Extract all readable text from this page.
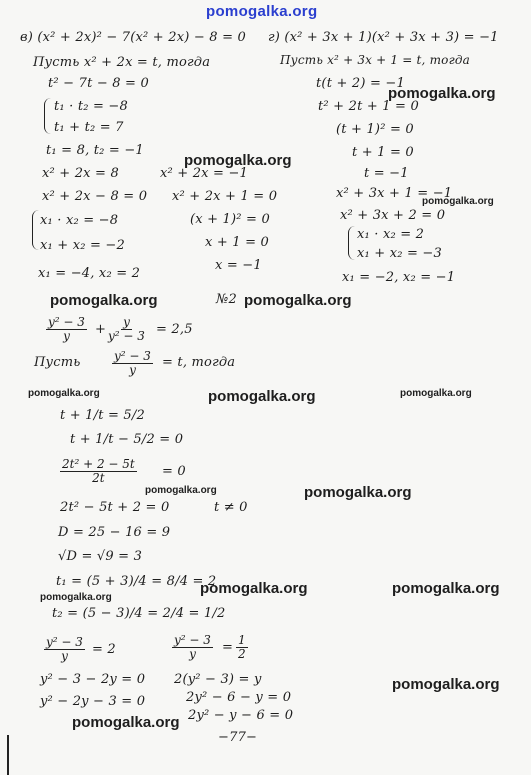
pomogalka.org
в) (x² + 2x)² − 7(x² + 2x) − 8 = 0
Пусть x² + 2x = t, тогда
t² − 7t − 8 = 0
t₁ · t₂ = −8
t₁ + t₂ = 7
t₁ = 8, t₂ = −1
x² + 2x = 8
x² + 2x − 8 = 0
x₁ · x₂ = −8
x₁ + x₂ = −2
x₁ = −4, x₂ = 2
x² + 2x = −1
x² + 2x + 1 = 0
(x + 1)² = 0
x + 1 = 0
x = −1
г) (x² + 3x + 1)(x² + 3x + 3) = −1
Пусть x² + 3x + 1 = t, тогда
t(t + 2) = −1
t² + 2t + 1 = 0
(t + 1)² = 0
t + 1 = 0
t = −1
x² + 3x + 1 = −1
x² + 3x + 2 = 0
x₁ · x₂ = 2
x₁ + x₂ = −3
x₁ = −2, x₂ = −1
№2
$\frac{\text{y² − 3}}{y} + \frac{y}{\text{y² − 3}} = 2,5$
Пусть	$\frac{\text{y² − 3}}{y} = t$, тогда
t + 1/t = 5/2
t + 1/t − 5/2 = 0
$\frac{\text{2t² + 2 − 5t}}{2t} = 0$
2t² − 5t + 2 = 0	t ≠ 0
D = 25 − 16 = 9
√D = √9 = 3
t₁ = (5 + 3)/4 = 8/4 = 2
t₂ = (5 − 3)/4 = 2/4 = 1/2
$\frac{\text{y² − 3}}{y} = 2$
y² − 3 − 2y = 0
y² − 2y − 3 = 0
$\frac{\text{y² − 3}}{y} = \frac{1}{2}$
2(y² − 3) = y
2y² − 6 − y = 0
2y² − y − 6 = 0
−77−
pomogalka.org
pomogalka.org
pomogalka.org
pomogalka.org	pomogalka.org
pomogalka.org	pomogalka.org	pomogalka.org
pomogalka.org	pomogalka.org
pomogalka.org	pomogalka.org
pomogalka.org
pomogalka.org
pomogalka.org
